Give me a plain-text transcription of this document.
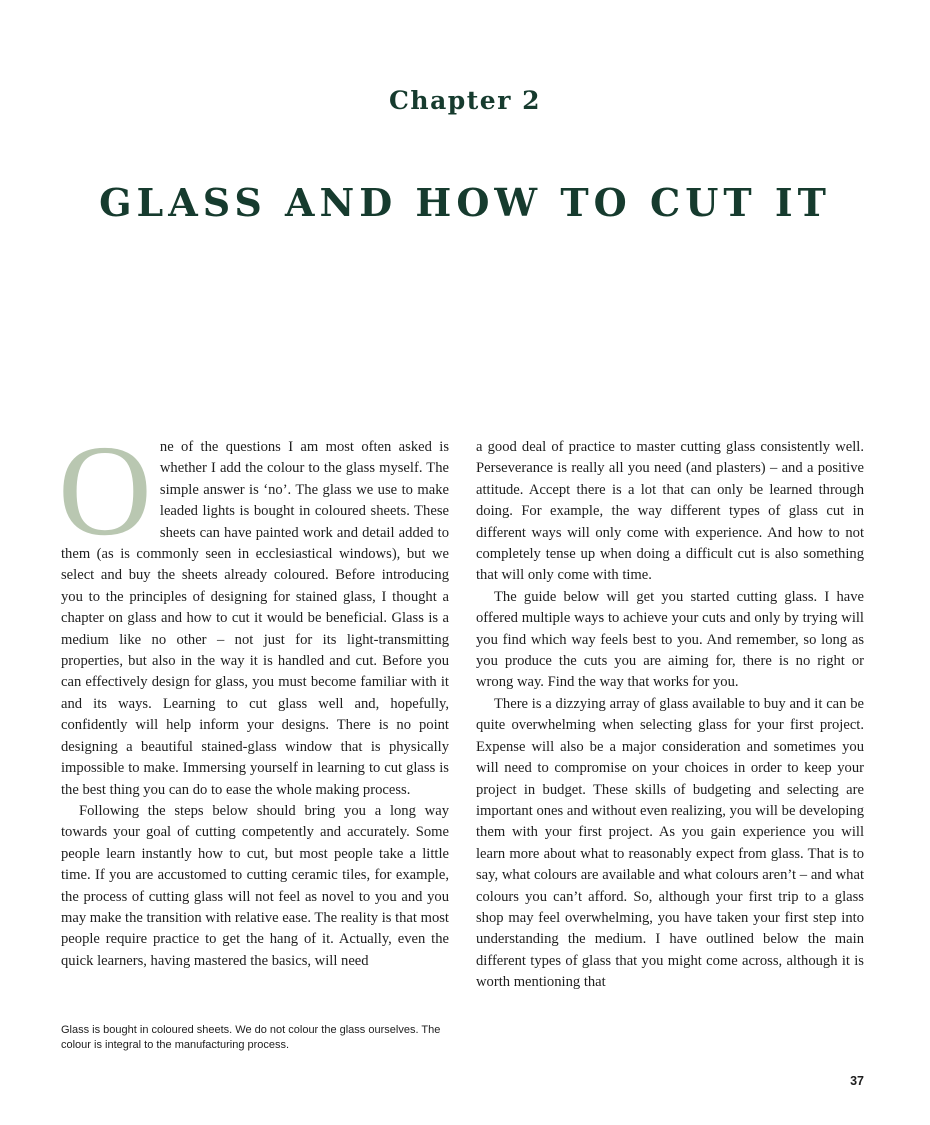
Chapter 2
GLASS AND HOW TO CUT IT

One of the questions I am most often asked is whether I add the colour to the glass myself. The simple answer is ‘no’. The glass we use to make leaded lights is bought in coloured sheets. These sheets can have painted work and detail added to them (as is commonly seen in ecclesiastical windows), but we select and buy the sheets already coloured. Before introducing you to the principles of designing for stained glass, I thought a chapter on glass and how to cut it would be beneficial. Glass is a medium like no other – not just for its light-transmitting properties, but also in the way it is handled and cut. Before you can effectively design for glass, you must become familiar with it and its ways. Learning to cut glass well and, hopefully, confidently will help inform your designs. There is no point designing a beautiful stained-glass window that is physically impossible to make. Immersing yourself in learning to cut glass is the best thing you can do to ease the whole making process.

Following the steps below should bring you a long way towards your goal of cutting competently and accurately. Some people learn instantly how to cut, but most people take a little time. If you are accustomed to cutting ceramic tiles, for example, the process of cutting glass will not feel as novel to you and you may make the transition with relative ease. The reality is that most people require practice to get the hang of it. Actually, even the quick learners, having mastered the basics, will need

a good deal of practice to master cutting glass consistently well. Perseverance is really all you need (and plasters) – and a positive attitude. Accept there is a lot that can only be learned through doing. For example, the way different types of glass cut in different ways will only come with experience. And how to not completely tense up when doing a difficult cut is also something that will only come with time.

The guide below will get you started cutting glass. I have offered multiple ways to achieve your cuts and only by trying will you find which way feels best to you. And remember, so long as you produce the cuts you are aiming for, there is no right or wrong way. Find the way that works for you.

There is a dizzying array of glass available to buy and it can be quite overwhelming when selecting glass for your first project. Expense will also be a major consideration and sometimes you will need to compromise on your choices in order to keep your project in budget. These skills of budgeting and selecting are important ones and without even realizing, you will be developing them with your first project. As you gain experience you will learn more about what to reasonably expect from glass. That is to say, what colours are available and what colours aren’t – and what colours you can’t afford. So, although your first trip to a glass shop may feel overwhelming, you have taken your first step into understanding the medium. I have outlined below the main different types of glass that you might come across, although it is worth mentioning that

Glass is bought in coloured sheets. We do not colour the glass ourselves. The colour is integral to the manufacturing process.
37
